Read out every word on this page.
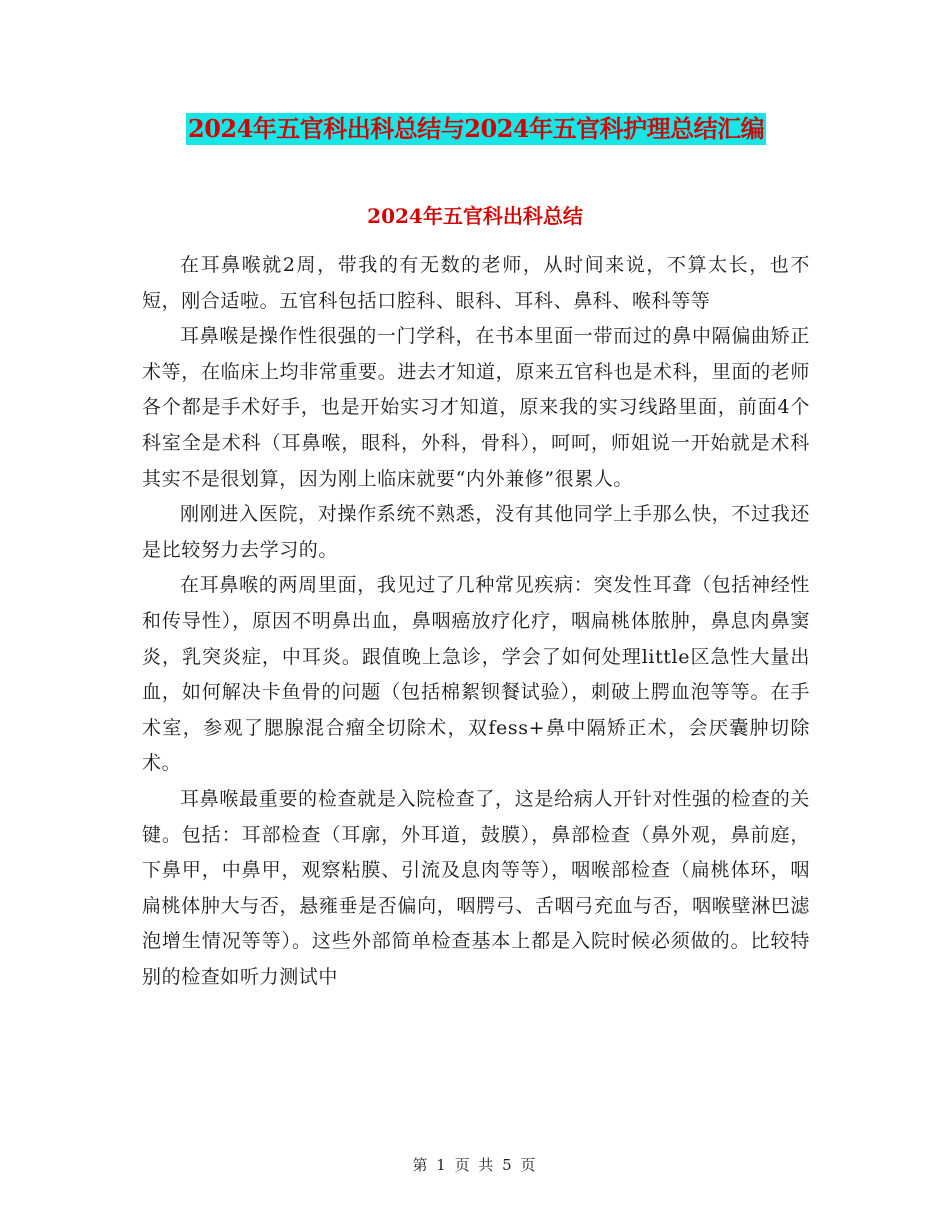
2024年五官科出科总结与2024年五官科护理总结汇编
2024年五官科出科总结

在耳鼻喉就2周，带我的有无数的老师，从时间来说，不算太长，也不短，刚合适啦。五官科包括口腔科、眼科、耳科、鼻科、喉科等等

耳鼻喉是操作性很强的一门学科，在书本里面一带而过的鼻中隔偏曲矫正术等，在临床上均非常重要。进去才知道，原来五官科也是术科，里面的老师各个都是手术好手，也是开始实习才知道，原来我的实习线路里面，前面4个科室全是术科（耳鼻喉，眼科，外科，骨科），呵呵，师姐说一开始就是术科其实不是很划算，因为刚上临床就要“内外兼修”很累人。

刚刚进入医院，对操作系统不熟悉，没有其他同学上手那么快，不过我还是比较努力去学习的。

在耳鼻喉的两周里面，我见过了几种常见疾病：突发性耳聋（包括神经性和传导性），原因不明鼻出血，鼻咽癌放疗化疗，咽扁桃体脓肿，鼻息肉鼻窦炎，乳突炎症，中耳炎。跟值晚上急诊，学会了如何处理little区急性大量出血，如何解决卡鱼骨的问题（包括棉絮钡餐试验），刺破上腭血泡等等。在手术室，参观了腮腺混合瘤全切除术，双fess+鼻中隔矫正术，会厌囊肿切除术。

耳鼻喉最重要的检查就是入院检查了，这是给病人开针对性强的检查的关键。包括：耳部检查（耳廓，外耳道，鼓膜），鼻部检查（鼻外观，鼻前庭，下鼻甲，中鼻甲，观察粘膜、引流及息肉等等），咽喉部检查（扁桃体环，咽扁桃体肿大与否，悬雍垂是否偏向，咽腭弓、舌咽弓充血与否，咽喉壁淋巴滤泡增生情况等等）。这些外部简单检查基本上都是入院时候必须做的。比较特别的检查如听力测试中

第 1 页 共 5 页
